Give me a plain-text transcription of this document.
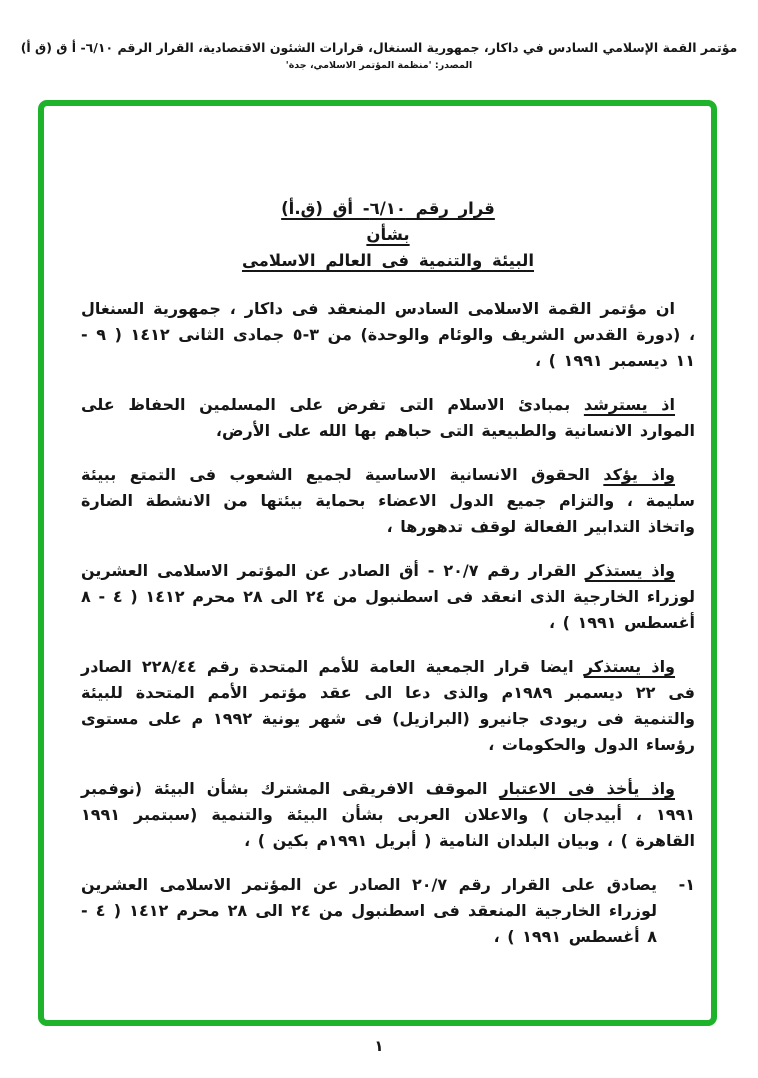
مؤتمر القمة الإسلامي السادس في داكار، جمهورية السنغال، قرارات الشئون الاقتصادية، القرار الرقم ٦/١٠- أ ق (ق أ)
المصدر: 'منظمة المؤتمر الاسلامي، جدة'
قرار رقم ٦/١٠- أق (ق.أ)
بشأن
البيئة والتنمية فى العالم الاسلامى

ان مؤتمر القمة الاسلامى السادس المنعقد فى داكار ، جمهورية السنغال ، (دورة القدس الشريف والوئام والوحدة) من ٣-٥ جمادى الثانى ١٤١٢ ( ٩ - ١١ ديسمبر ١٩٩١ ) ،

اذ يسترشد بمبادئ الاسلام التى تفرض على المسلمين الحفاظ على الموارد الانسانية والطبيعية التى حباهم بها الله على الأرض،

واذ يؤكد الحقوق الانسانية الاساسية لجميع الشعوب فى التمتع ببيئة سليمة ، والتزام جميع الدول الاعضاء بحماية بيئتها من الانشطة الضارة واتخاذ التدابير الفعالة لوقف تدهورها ،

واذ يستذكر القرار رقم ٢٠/٧ - أق الصادر عن المؤتمر الاسلامى العشرين لوزراء الخارجية الذى انعقد فى اسطنبول من ٢٤ الى ٢٨ محرم ١٤١٢ ( ٤ - ٨ أغسطس ١٩٩١ ) ،

واذ يستذكر ايضا قرار الجمعية العامة للأمم المتحدة رقم ٢٢٨/٤٤ الصادر فى ٢٢ ديسمبر ١٩٨٩م والذى دعا الى عقد مؤتمر الأمم المتحدة للبيئة والتنمية فى ريودى جانيرو (البرازيل) فى شهر يونية ١٩٩٢ م على مستوى رؤساء الدول والحكومات ،

واذ يأخذ فى الاعتبار الموقف الافريقى المشترك بشأن البيئة (نوفمبر ١٩٩١ ، أبيدجان ) والاعلان العربى بشأن البيئة والتنمية (سبتمبر ١٩٩١ القاهرة ) ، وبيان البلدان النامية ( أبريل ١٩٩١م بكين ) ،

١-
يصادق على القرار رقم ٢٠/٧ الصادر عن المؤتمر الاسلامى العشرين لوزراء الخارجية المنعقد فى اسطنبول من ٢٤ الى ٢٨ محرم ١٤١٢ ( ٤ - ٨ أغسطس ١٩٩١ ) ،
١
